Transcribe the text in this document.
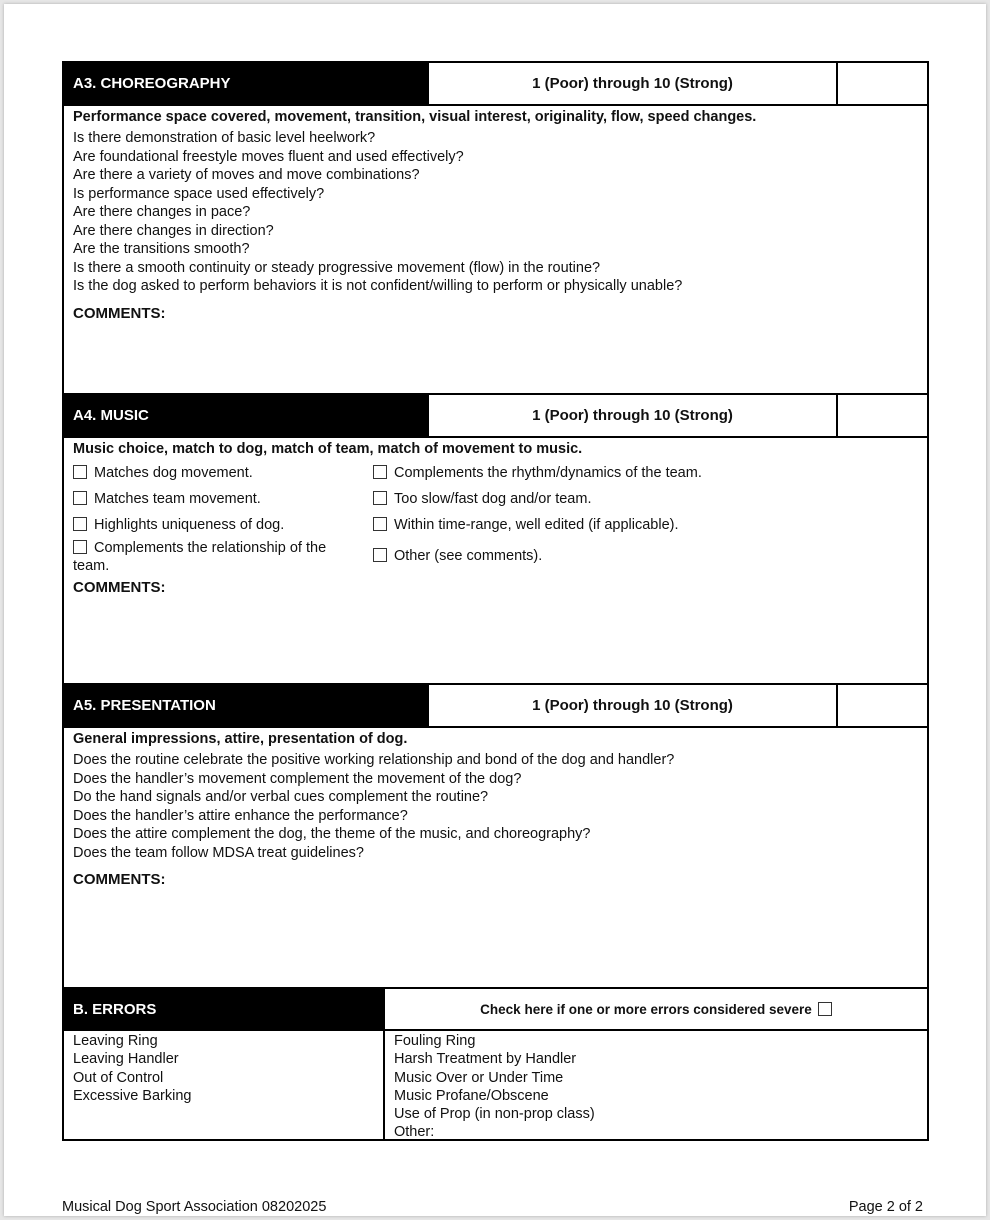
A3. CHOREOGRAPHY	1 (Poor) through 10 (Strong)
Performance space covered, movement, transition, visual interest, originality, flow, speed changes.
Is there demonstration of basic level heelwork?
Are foundational freestyle moves fluent and used effectively?
Are there a variety of moves and move combinations?
Is performance space used effectively?
Are there changes in pace?
Are there changes in direction?
Are the transitions smooth?
Is there a smooth continuity or steady progressive movement (flow) in the routine?
Is the dog asked to perform behaviors it is not confident/willing to perform or physically unable?
COMMENTS:
A4. MUSIC	1 (Poor) through 10 (Strong)
Music choice, match to dog, match of team, match of movement to music.
Matches dog movement.
Matches team movement.
Highlights uniqueness of dog.
Complements the relationship of the team.
Complements the rhythm/dynamics of the team.
Too slow/fast dog and/or team.
Within time-range, well edited (if applicable).
Other (see comments).
COMMENTS:
A5. PRESENTATION	1 (Poor) through 10 (Strong)
General impressions, attire, presentation of dog.
Does the routine celebrate the positive working relationship and bond of the dog and handler?
Does the handler’s movement complement the movement of the dog?
Do the hand signals and/or verbal cues complement the routine?
Does the handler’s attire enhance the performance?
Does the attire complement the dog, the theme of the music, and choreography?
Does the team follow MDSA treat guidelines?
COMMENTS:
B. ERRORS	Check here if one or more errors considered severe
Leaving Ring
Leaving Handler
Out of Control
Excessive Barking
Fouling Ring
Harsh Treatment by Handler
Music Over or Under Time
Music Profane/Obscene
Use of Prop (in non-prop class)
Other:
Musical Dog Sport Association 08202025	Page 2 of 2
